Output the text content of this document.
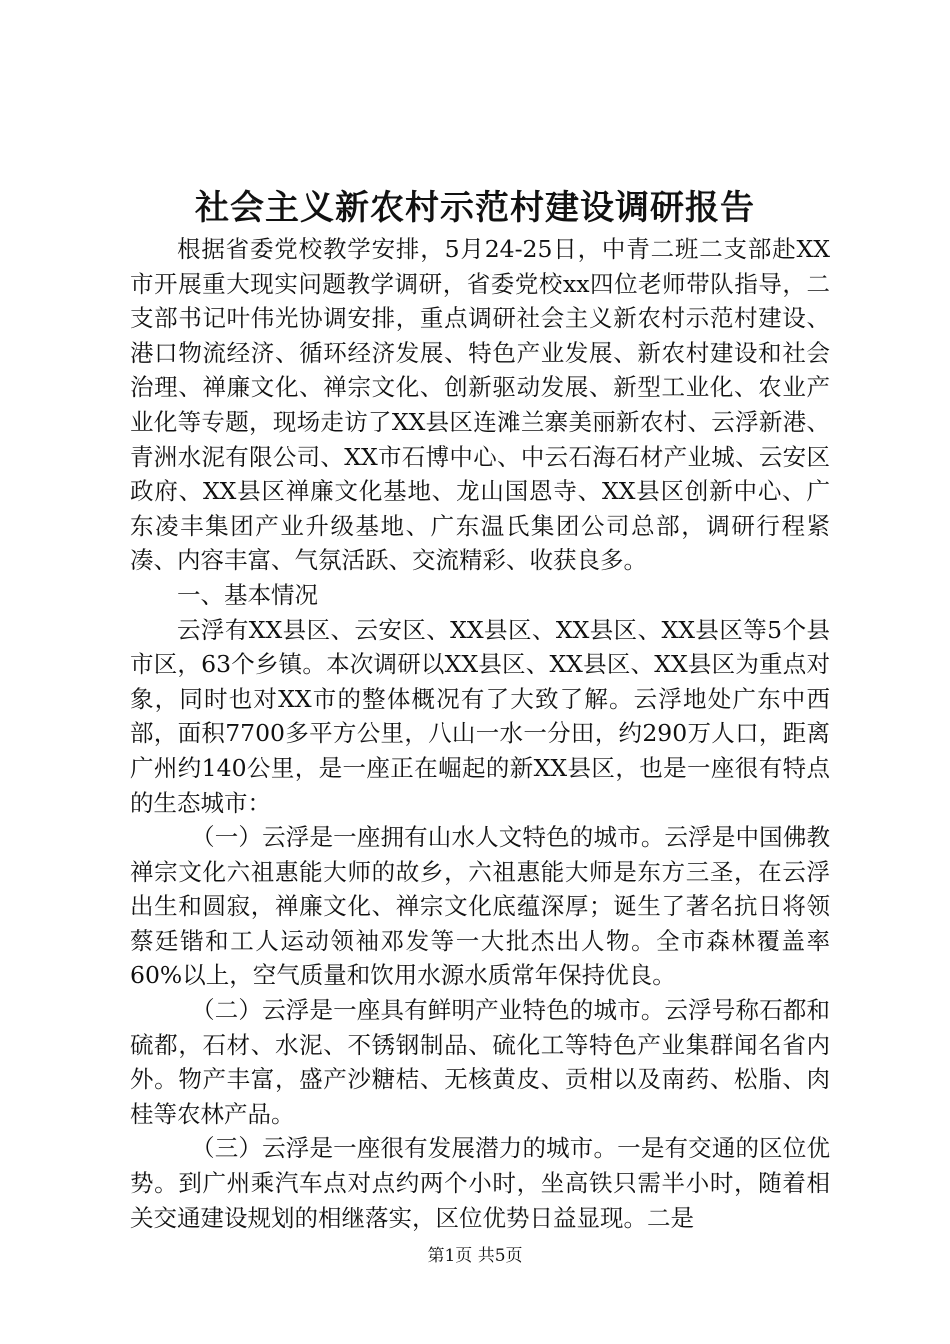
社会主义新农村示范村建设调研报告

根据省委党校教学安排，5月24-25日，中青二班二支部赴XX市开展重大现实问题教学调研，省委党校xx四位老师带队指导，二支部书记叶伟光协调安排，重点调研社会主义新农村示范村建设、港口物流经济、循环经济发展、特色产业发展、新农村建设和社会治理、禅廉文化、禅宗文化、创新驱动发展、新型工业化、农业产业化等专题，现场走访了XX县区连滩兰寨美丽新农村、云浮新港、青洲水泥有限公司、XX市石博中心、中云石海石材产业城、云安区政府、XX县区禅廉文化基地、龙山国恩寺、XX县区创新中心、广东凌丰集团产业升级基地、广东温氏集团公司总部，调研行程紧凑、内容丰富、气氛活跃、交流精彩、收获良多。

一、基本情况

云浮有XX县区、云安区、XX县区、XX县区、XX县区等5个县市区，63个乡镇。本次调研以XX县区、XX县区、XX县区为重点对象，同时也对XX市的整体概况有了大致了解。云浮地处广东中西部，面积7700多平方公里，八山一水一分田，约290万人口，距离广州约140公里，是一座正在崛起的新XX县区，也是一座很有特点的生态城市：

（一）云浮是一座拥有山水人文特色的城市。云浮是中国佛教禅宗文化六祖惠能大师的故乡，六祖惠能大师是东方三圣，在云浮出生和圆寂，禅廉文化、禅宗文化底蕴深厚；诞生了著名抗日将领蔡廷锴和工人运动领袖邓发等一大批杰出人物。全市森林覆盖率60%以上，空气质量和饮用水源水质常年保持优良。

（二）云浮是一座具有鲜明产业特色的城市。云浮号称石都和硫都，石材、水泥、不锈钢制品、硫化工等特色产业集群闻名省内外。物产丰富，盛产沙糖桔、无核黄皮、贡柑以及南药、松脂、肉桂等农林产品。

（三）云浮是一座很有发展潜力的城市。一是有交通的区位优势。到广州乘汽车点对点约两个小时，坐高铁只需半小时，随着相关交通建设规划的相继落实，区位优势日益显现。二是

第1页 共5页
